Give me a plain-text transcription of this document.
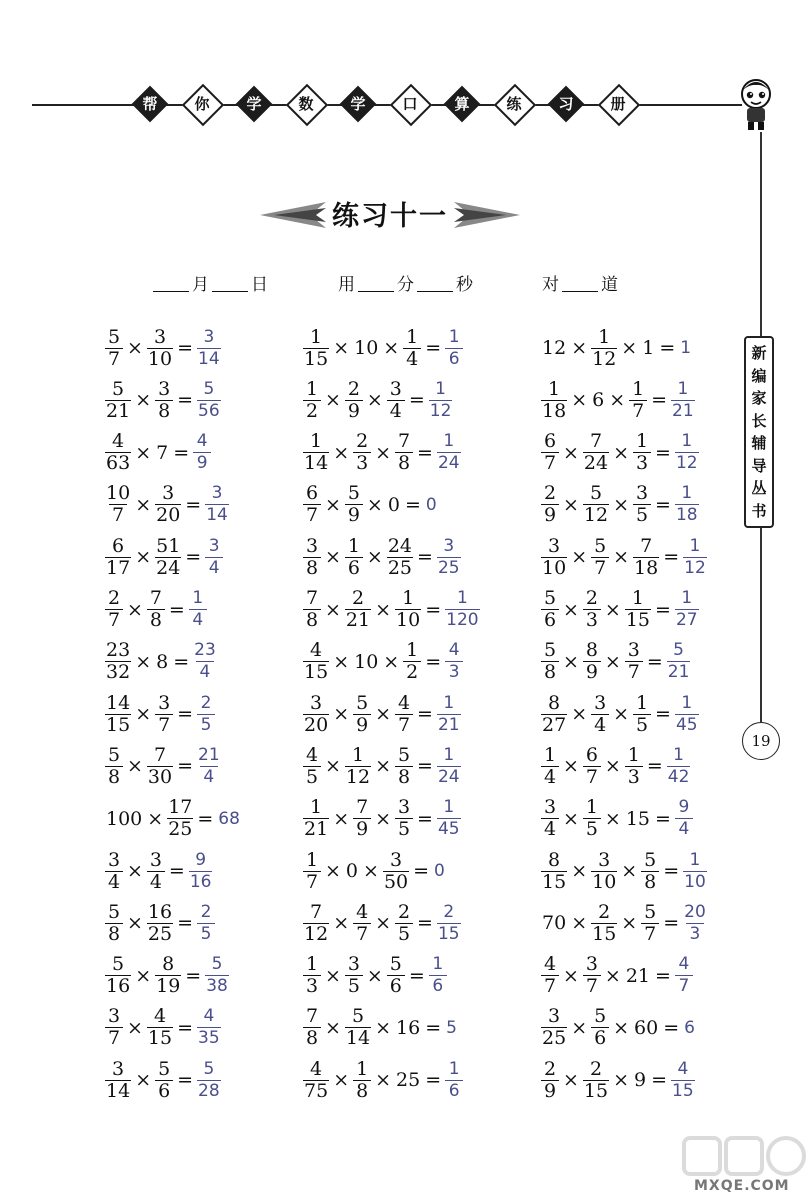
帮	你	学	数	学	口	算	练	习	册
新
编
家
长
辅
导
丛
书
19
练习十一
月 日	用 分 秒	对 道
$\frac{5}{7} \times \frac{3}{10} = \frac{3}{14}$
$\frac{5}{21} \times \frac{3}{8} = \frac{5}{56}$
$\frac{4}{63} \times 7 = \frac{4}{9}$
$\frac{10}{7} \times \frac{3}{20} = \frac{3}{14}$
$\frac{6}{17} \times \frac{51}{24} = \frac{3}{4}$
$\frac{2}{7} \times \frac{7}{8} = \frac{1}{4}$
$\frac{23}{32} \times 8 = \frac{23}{4}$
$\frac{14}{15} \times \frac{3}{7} = \frac{2}{5}$
$\frac{5}{8} \times \frac{7}{30} = \frac{21}{4}$
$100 \times \frac{17}{25} = 68$
$\frac{3}{4} \times \frac{3}{4} = \frac{9}{16}$
$\frac{5}{8} \times \frac{16}{25} = \frac{2}{5}$
$\frac{5}{16} \times \frac{8}{19} = \frac{5}{38}$
$\frac{3}{7} \times \frac{4}{15} = \frac{4}{35}$
$\frac{3}{14} \times \frac{5}{6} = \frac{5}{28}$
$\frac{1}{15} \times 10 \times \frac{1}{4} = \frac{1}{6}$
$\frac{1}{2} \times \frac{2}{9} \times \frac{3}{4} = \frac{1}{12}$
$\frac{1}{14} \times \frac{2}{3} \times \frac{7}{8} = \frac{1}{24}$
$\frac{6}{7} \times \frac{5}{9} \times 0 = 0$
$\frac{3}{8} \times \frac{1}{6} \times \frac{24}{25} = \frac{3}{25}$
$\frac{7}{8} \times \frac{2}{21} \times \frac{1}{10} = \frac{1}{120}$
$\frac{4}{15} \times 10 \times \frac{1}{2} = \frac{4}{3}$
$\frac{3}{20} \times \frac{5}{9} \times \frac{4}{7} = \frac{1}{21}$
$\frac{4}{5} \times \frac{1}{12} \times \frac{5}{8} = \frac{1}{24}$
$\frac{1}{21} \times \frac{7}{9} \times \frac{3}{5} = \frac{1}{45}$
$\frac{1}{7} \times 0 \times \frac{3}{50} = 0$
$\frac{7}{12} \times \frac{4}{7} \times \frac{2}{5} = \frac{2}{15}$
$\frac{1}{3} \times \frac{3}{5} \times \frac{5}{6} = \frac{1}{6}$
$\frac{7}{8} \times \frac{5}{14} \times 16 = 5$
$\frac{4}{75} \times \frac{1}{8} \times 25 = \frac{1}{6}$
$12 \times \frac{1}{12} \times 1 = 1$
$\frac{1}{18} \times 6 \times \frac{1}{7} = \frac{1}{21}$
$\frac{6}{7} \times \frac{7}{24} \times \frac{1}{3} = \frac{1}{12}$
$\frac{2}{9} \times \frac{5}{12} \times \frac{3}{5} = \frac{1}{18}$
$\frac{3}{10} \times \frac{5}{7} \times \frac{7}{18} = \frac{1}{12}$
$\frac{5}{6} \times \frac{2}{3} \times \frac{1}{15} = \frac{1}{27}$
$\frac{5}{8} \times \frac{8}{9} \times \frac{3}{7} = \frac{5}{21}$
$\frac{8}{27} \times \frac{3}{4} \times \frac{1}{5} = \frac{1}{45}$
$\frac{1}{4} \times \frac{6}{7} \times \frac{1}{3} = \frac{1}{42}$
$\frac{3}{4} \times \frac{1}{5} \times 15 = \frac{9}{4}$
$\frac{8}{15} \times \frac{3}{10} \times \frac{5}{8} = \frac{1}{10}$
$70 \times \frac{2}{15} \times \frac{5}{7} = \frac{20}{3}$
$\frac{4}{7} \times \frac{3}{7} \times 21 = \frac{4}{7}$
$\frac{3}{25} \times \frac{5}{6} \times 60 = 6$
$\frac{2}{9} \times \frac{2}{15} \times 9 = \frac{4}{15}$
MXQE.COM
